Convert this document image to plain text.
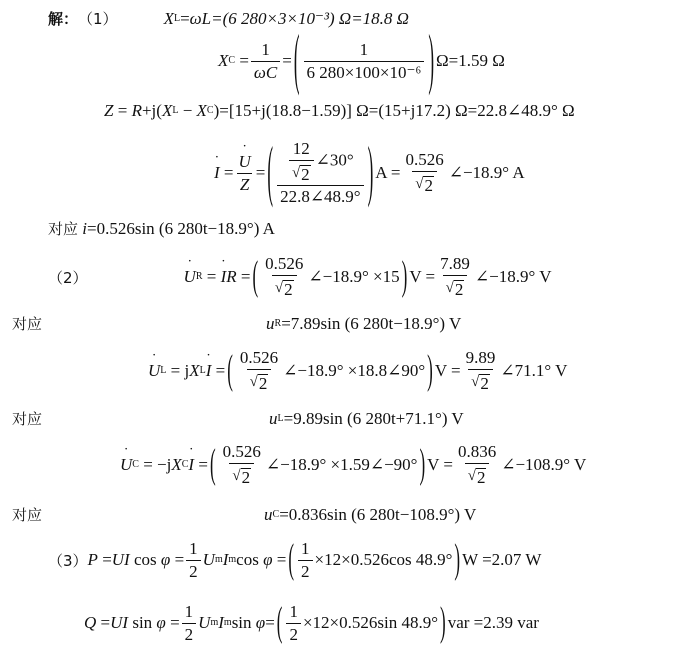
解： （1）	X L = ωL=(6 280×3×10⁻³) Ω=18.8 Ω
X $C = \frac{1}{\omega C}$ = ( $\frac{1}{\text{6 280×100×10⁻⁶}}$ ) Ω=1.59 Ω
Z = R +j( X L − X C ) =[15+j(18.8−1.59)] Ω=(15+j17.2) Ω=22.8∠48.9° Ω
˙ I = ˙ $\frac{U}{Z}$ = ( $\frac{\frac{12}{√ 2} \angle 30^\circ}{22.8\angle 48.9^\circ}$ ) $A = \frac{0.526}{√ 2}$ ∠−18.9° A
对应 i =0.526sin (6 280t−18.9°) A
（2）	˙ U R = ˙ IR = ( $\frac{0.526}{√ 2}$ ∠−18.9° ×15 ) $V = \frac{7.89}{√ 2}$ ∠−18.9° V
对应	u R =7.89sin (6 280t−18.9°) V
˙ U L = j X L ˙ I = ( $\frac{0.526}{√ 2}$ ∠−18.9° ×18.8∠90° ) $V = \frac{9.89}{√ 2}$ ∠71.1° V
对应	u L =9.89sin (6 280t+71.1°) V
˙ U C = −j X C ˙ I = ( $\frac{0.526}{√ 2}$ ∠−18.9° ×1.59∠−90° ) $V = \frac{0.836}{√ 2}$ ∠−108.9° V
对应	u C =0.836sin (6 280t−108.9°) V
（3） P = UI $\cos \varphi = \frac{1}{2}$ U m I m cos φ = ( $\frac{1}{2} \times 12\times 0.526\cos$ 48.9° ) W =2.07 W
Q = UI $\sin \varphi = \frac{1}{2}$ U m I m sin φ = ( $\frac{1}{2} \times 12\times 0.526\sin$ 48.9° ) var =2.39 var
